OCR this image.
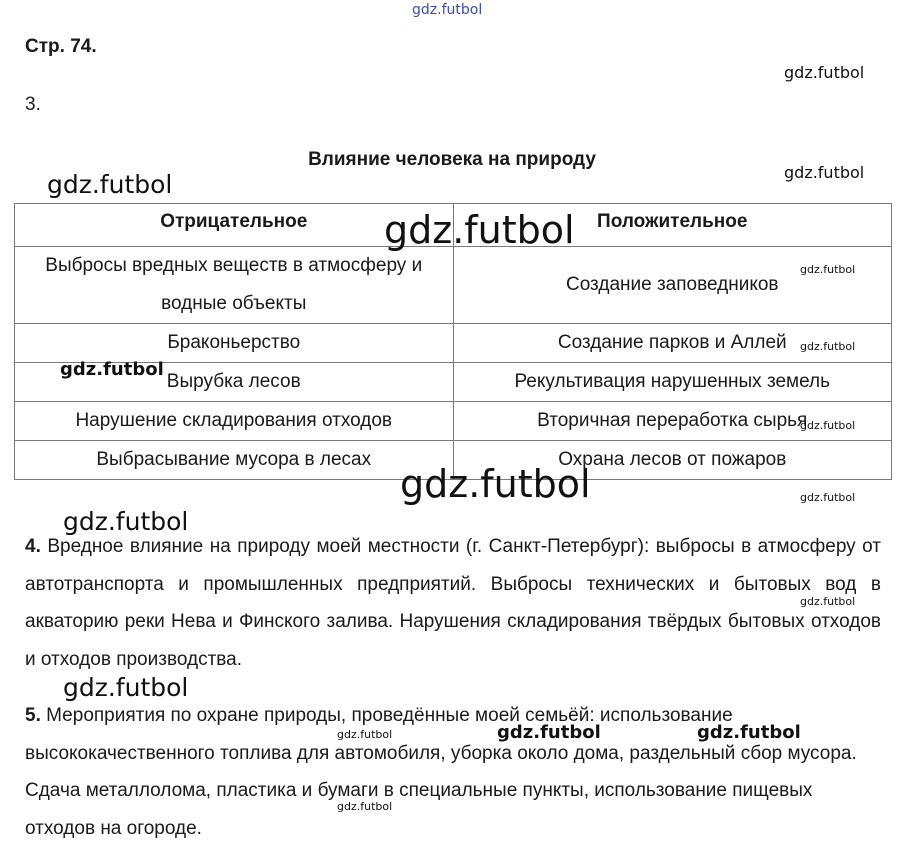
Стр. 74.
3.
Влияние человека на природу
Отрицательное	Положительное
Выбросы вредных веществ в атмосферу и водные объекты	Создание заповедников
Браконьерство	Создание парков и Аллей
Вырубка лесов	Рекультивация нарушенных земель
Нарушение складирования отходов	Вторичная переработка сырья
Выбрасывание мусора в лесах	Охрана лесов от пожаров
4. Вредное влияние на природу моей местности (г. Санкт-Петербург): выбросы в атмосферу от автотранспорта и промышленных предприятий. Выбросы технических и бытовых вод в акваторию реки Нева и Финского залива. Нарушения складирования твёрдых бытовых отходов и отходов производства.
5. Мероприятия по охране природы, проведённые моей семьёй: использование высококачественного топлива для автомобиля, уборка около дома, раздельный сбор мусора. Сдача металлолома, пластика и бумаги в специальные пункты, использование пищевых отходов на огороде.
gdz.futbol
gdz.futbol
gdz.futbol
gdz.futbol
gdz.futbol
gdz.futbol
gdz.futbol
gdz.futbol
gdz.futbol
gdz.futbol	gdz.futbol
gdz.futbol
gdz.futbol
gdz.futbol
gdz.futbol	gdz.futbol
gdz.futbol
gdz.futbol
